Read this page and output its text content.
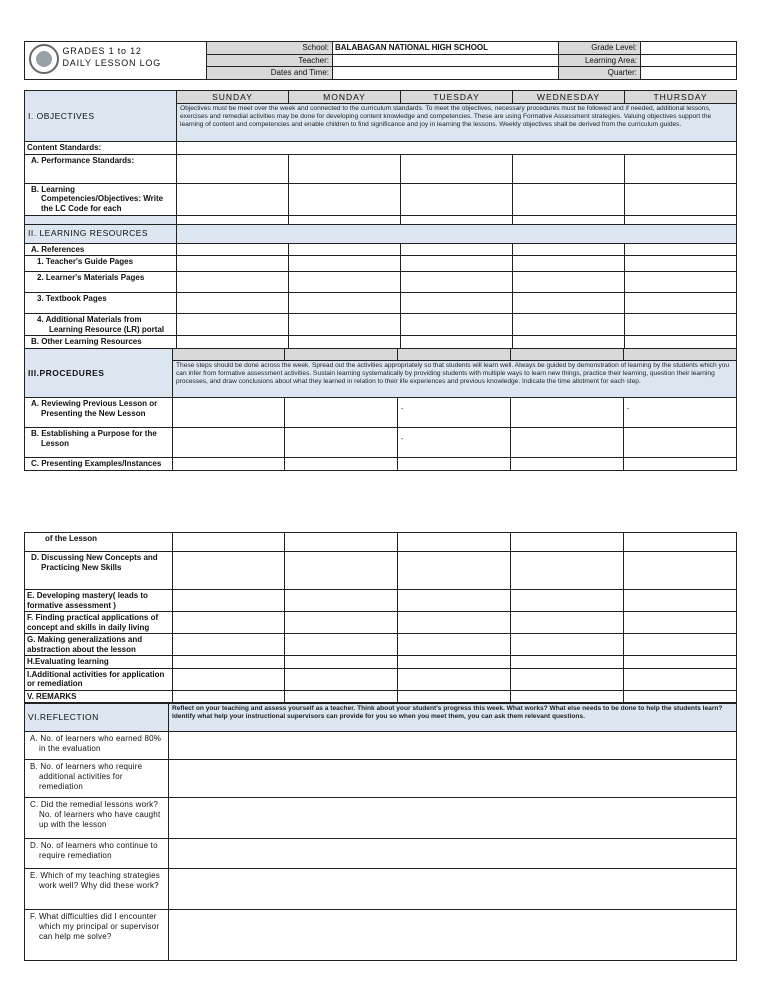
	GRADES 1 to 12
DAILY LESSON LOG	School:	BALABAGAN NATIONAL HIGH SCHOOL	Grade Level:	
		Teacher:		Learning Area:	
		Dates and Time:		Quarter:	
I. OBJECTIVES	SUNDAY	MONDAY	TUESDAY	WEDNESDAY	THURSDAY
	Objectives must be meet over the week and connected to the curriculum standards. To meet the objectives, necessary procedures must be followed and if needed, additional lessons, exercises and remedial activities may be done for developing content knowledge and competencies. These are using Formative Assessment strategies. Valuing objectives support the learning of content and competencies and enable children to find significance and joy in learning the lessons. Weekly objectives shall be derived from the curriculum guides.				
Content Standards:					
A. Performance Standards:					
B. Learning Competencies/Objectives: Write the LC Code for each					

II. LEARNING RESOURCES					
A. References					
1. Teacher's Guide Pages					
2. Learner's Materials Pages					
3. Textbook Pages					
4. Additional Materials from Learning Resource (LR) portal					
B. Other Learning Resources					
III.PROCEDURES					
	These steps should be done across the week. Spread out the activities appropriately so that students will learn well. Always be guided by demonstration of learning by the students which you can infer from formative assessment activities. Sustain learning systematically by providing students with multiple ways to learn new things, practice their learning, question their learning processes, and draw conclusions about what they learned in relation to their life experiences and previous knowledge. Indicate the time allotment for each step.				
A. Reviewing Previous Lesson or Presenting the New Lesson			-		-
B. Establishing a Purpose for the Lesson			-		
C. Presenting Examples/Instances					
of the Lesson					
D. Discussing New Concepts and Practicing New Skills					
E. Developing mastery( leads to formative assessment )					
F. Finding practical applications of concept and skills in daily living					
G. Making generalizations and abstraction about the lesson					
H.Evaluating learning					
I.Additional activities for application or remediation					
V. REMARKS					
VI.REFLECTION	Reflect on your teaching and assess yourself as a teacher. Think about your student's progress this week. What works? What else needs to be done to help the students learn?
Identify what help your instructional supervisors can provide for you so when you meet them, you can ask them relevant questions.

A. No. of learners who earned 80% in the evaluation	
B. No. of learners who require additional activities for remediation	
C. Did the remedial lessons work? No. of learners who have caught up with the lesson	
D. No. of learners who continue to require remediation	
E. Which of my teaching strategies work well? Why did these work?	
F. What difficulties did I encounter which my principal or supervisor can help me solve?	
